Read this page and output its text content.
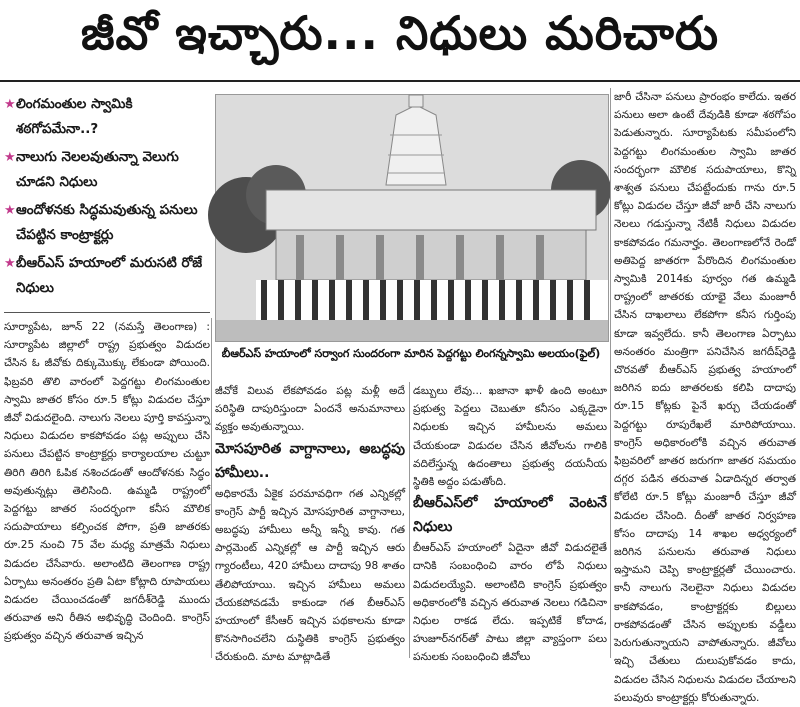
జీవో ఇచ్చారు... నిధులు మరిచారు
★ లింగమంతుల స్వామికి శఠగోపమేనా..?
★ నాలుగు నెలలవుతున్నా వెలుగు చూడని నిధులు
★ ఆందోళనకు సిద్ధమవుతున్న పనులు చేపట్టిన కాంట్రాక్టర్లు
★ బీఆర్‌ఎస్ హయాంలో మరుసటి రోజే నిధులు

సూర్యాపేట, జూన్ 22 (నమస్తే తెలంగాణ) : సూర్యాపేట జిల్లాలో రాష్ట్ర ప్రభుత్వం విడుదల చేసిన ఓ జీవోకు దిక్కుమొక్కు లేకుండా పోయింది. ఫిబ్రవరి తొలి వారంలో పెద్దగట్టు లింగమంతుల స్వామి జాతర కోసం రూ.5 కోట్లు విడుదల చేస్తూ జీవో విడుదలైంది. నాలుగు నెలలు పూర్తి కావస్తున్నా నిధులు విడుదల కాకపోవడం పట్ల అప్పులు చేసి పనులు చేపట్టిన కాంట్రాక్టర్లు కార్యాలయాల చుట్టూ తిరిగి తిరిగి ఓపిక నశించడంతో ఆందోళనకు సిద్ధం అవుతున్నట్లు తెలిసింది. ఉమ్మడి రాష్ట్రంలో పెద్దగట్టు జాతర సందర్భంగా కనీస మౌలిక సదుపాయాలు కల్పించక పోగా, ప్రతి జాతరకు రూ.25 నుంచి 75 వేల మధ్య మాత్రమే నిధులు విడుదల చేసేవారు. అలాంటిది తెలంగాణ రాష్ట్ర ఏర్పాటు అనంతరం ప్రతి ఏటా కోట్లాది రూపాయలు విడుదల చేయించడంతో జగదీశ్‌రెడ్డి ముందు తరువాత అని రీతిన అభివృద్ధి చెందింది. కాంగ్రెస్ ప్రభుత్వం వచ్చిన తరువాత ఇచ్చిన

బీఆర్ఎస్ హయాంలో సర్వాంగ సుందరంగా మారిన పెద్దగట్టు లింగన్నస్వామి అలయం(ఫైల్)

జీవోకే విలువ లేకపోవడం పట్ల మళ్లీ అదే పరిస్థితి దాపురిస్తుందా ఏందనే అనుమానాలు వ్యక్తం అవుతున్నాయి.

మోసపూరిత వాగ్దానాలు, అబద్ధపు హామీలు..

అధికారమే ఏకైక పరమావధిగా గత ఎన్నికల్లో కాంగ్రెస్ పార్టీ ఇచ్చిన మోసపూరిత వాగ్దానాలు, అబద్ధపు హామీలు అన్నీ ఇన్నీ కావు. గత పార్లమెంట్ ఎన్నికల్లో ఆ పార్టీ ఇచ్చిన ఆరు గ్యారంటీలు, 420 హామీలు దాదాపు 98 శాతం తేలిపోయాయి. ఇచ్చిన హామీలు అమలు చేయకపోవడమే కాకుండా గత బీఆర్‌ఎస్ హయాంలో కేసీఆర్ ఇచ్చిన పథకాలను కూడా కొనసాగించలేని దుస్థితికి కాంగ్రెస్ ప్రభుత్వం చేరుకుంది. మాట మాట్లాడితే

డబ్బులు లేవు... ఖజానా ఖాళీ ఉంది అంటూ ప్రభుత్వ పెద్దలు చెబుతూ కనీసం ఎక్కడైనా నిధులకు ఇచ్చిన హామీలను అమలు చేయకుండా విడుదల చేసిన జీవోలను గాలికి వదిలేస్తున్న ఉదంతాలు ప్రభుత్వ దయనీయ స్థితికి అద్దం పడుతోంది.

బీఆర్‌ఎస్‌లో హయాంలో వెంటనే నిధులు

బీఆర్‌ఎస్ హయాంలో ఏదైనా జీవో విడుదలైతే దానికి సంబంధించి వారం లోపే నిధులు విడుదలయ్యేవి. అలాంటిది కాంగ్రెస్ ప్రభుత్వం అధికారంలోకి వచ్చిన తరువాత నెలలు గడిచినా నిధుల రాకడ లేదు. ఇప్పటికే కోదాడ, హుజూర్‌నగర్‌తో పాటు జిల్లా వ్యాప్తంగా పలు పనులకు సంబంధించి జీవోలు

జారీ చేసినా పనులు ప్రారంభం కాలేదు. ఇతర పనులు అలా ఉంటే దేవుడికి కూడా శఠగోపం పెడుతున్నారు. సూర్యాపేటకు సమీపంలోని పెద్దగట్టు లింగమంతుల స్వామి జాతర సందర్భంగా మౌలిక సదుపాయాలు, కొన్ని శాశ్వత పనులు చేపట్టేందుకు గాను రూ.5 కోట్లు విడుదల చేస్తూ జీవో జారీ చేసి నాలుగు నెలలు గడుస్తున్నా నేటికీ నిధులు విడుదల కాకపోవడం గమనార్హం. తెలంగాణలోనే రెండో అతిపెద్ద జాతరగా పేరొందిన లింగమంతుల స్వామికి 2014కు పూర్వం గత ఉమ్మడి రాష్ట్రంలో జాతరకు యాభై వేలు మంజూరీ చేసిన దాఖలాలు లేకపోగా కనీస గుర్తింపు కూడా ఇవ్వలేదు. కానీ తెలంగాణ ఏర్పాటు అనంతరం మంత్రిగా పనిచేసిన జగదీష్‌రెడ్డి చొరవతో బీఆర్‌ఎస్ ప్రభుత్వ హయాంలో జరిగిన ఐదు జాతరలకు కలిపి దాదాపు రూ.15 కోట్లకు పైనే ఖర్చు చేయడంతో పెద్దగట్టు రూపురేఖలే మారిపోయాయి. కాంగ్రెస్ అధికారంలోకి వచ్చిన తరువాత ఫిబ్రవరిలో జాతర జరుగగా జాతర సమయం దగ్గర పడిన తరువాత ఏడాదిన్నర తర్వాత కోలేటి రూ.5 కోట్లు మంజూరీ చేస్తూ జీవో విడుదల చేసింది. దీంతో జాతర నిర్వహణ కోసం దాదాపు 14 శాఖల అధ్వర్యంలో జరిగిన పనులను తరువాత నిధులు ఇస్తామని చెప్పి కాంట్రాక్టర్లతో చేయించారు. కానీ నాలుగు నెలలైనా నిధులు విడుదల కాకపోవడం, కాంట్రాక్టర్లకు బిల్లులు రాకపోవడంతో చేసిన అప్పులకు వడ్డీలు పెరుగుతున్నాయని వాపోతున్నారు. జీవోలు ఇచ్చి చేతులు దులుపుకోవడం కాదు, విడుదల చేసిన నిధులను విడుదల చేయాలని పలువురు కాంట్రాక్టర్లు కోరుతున్నారు.
